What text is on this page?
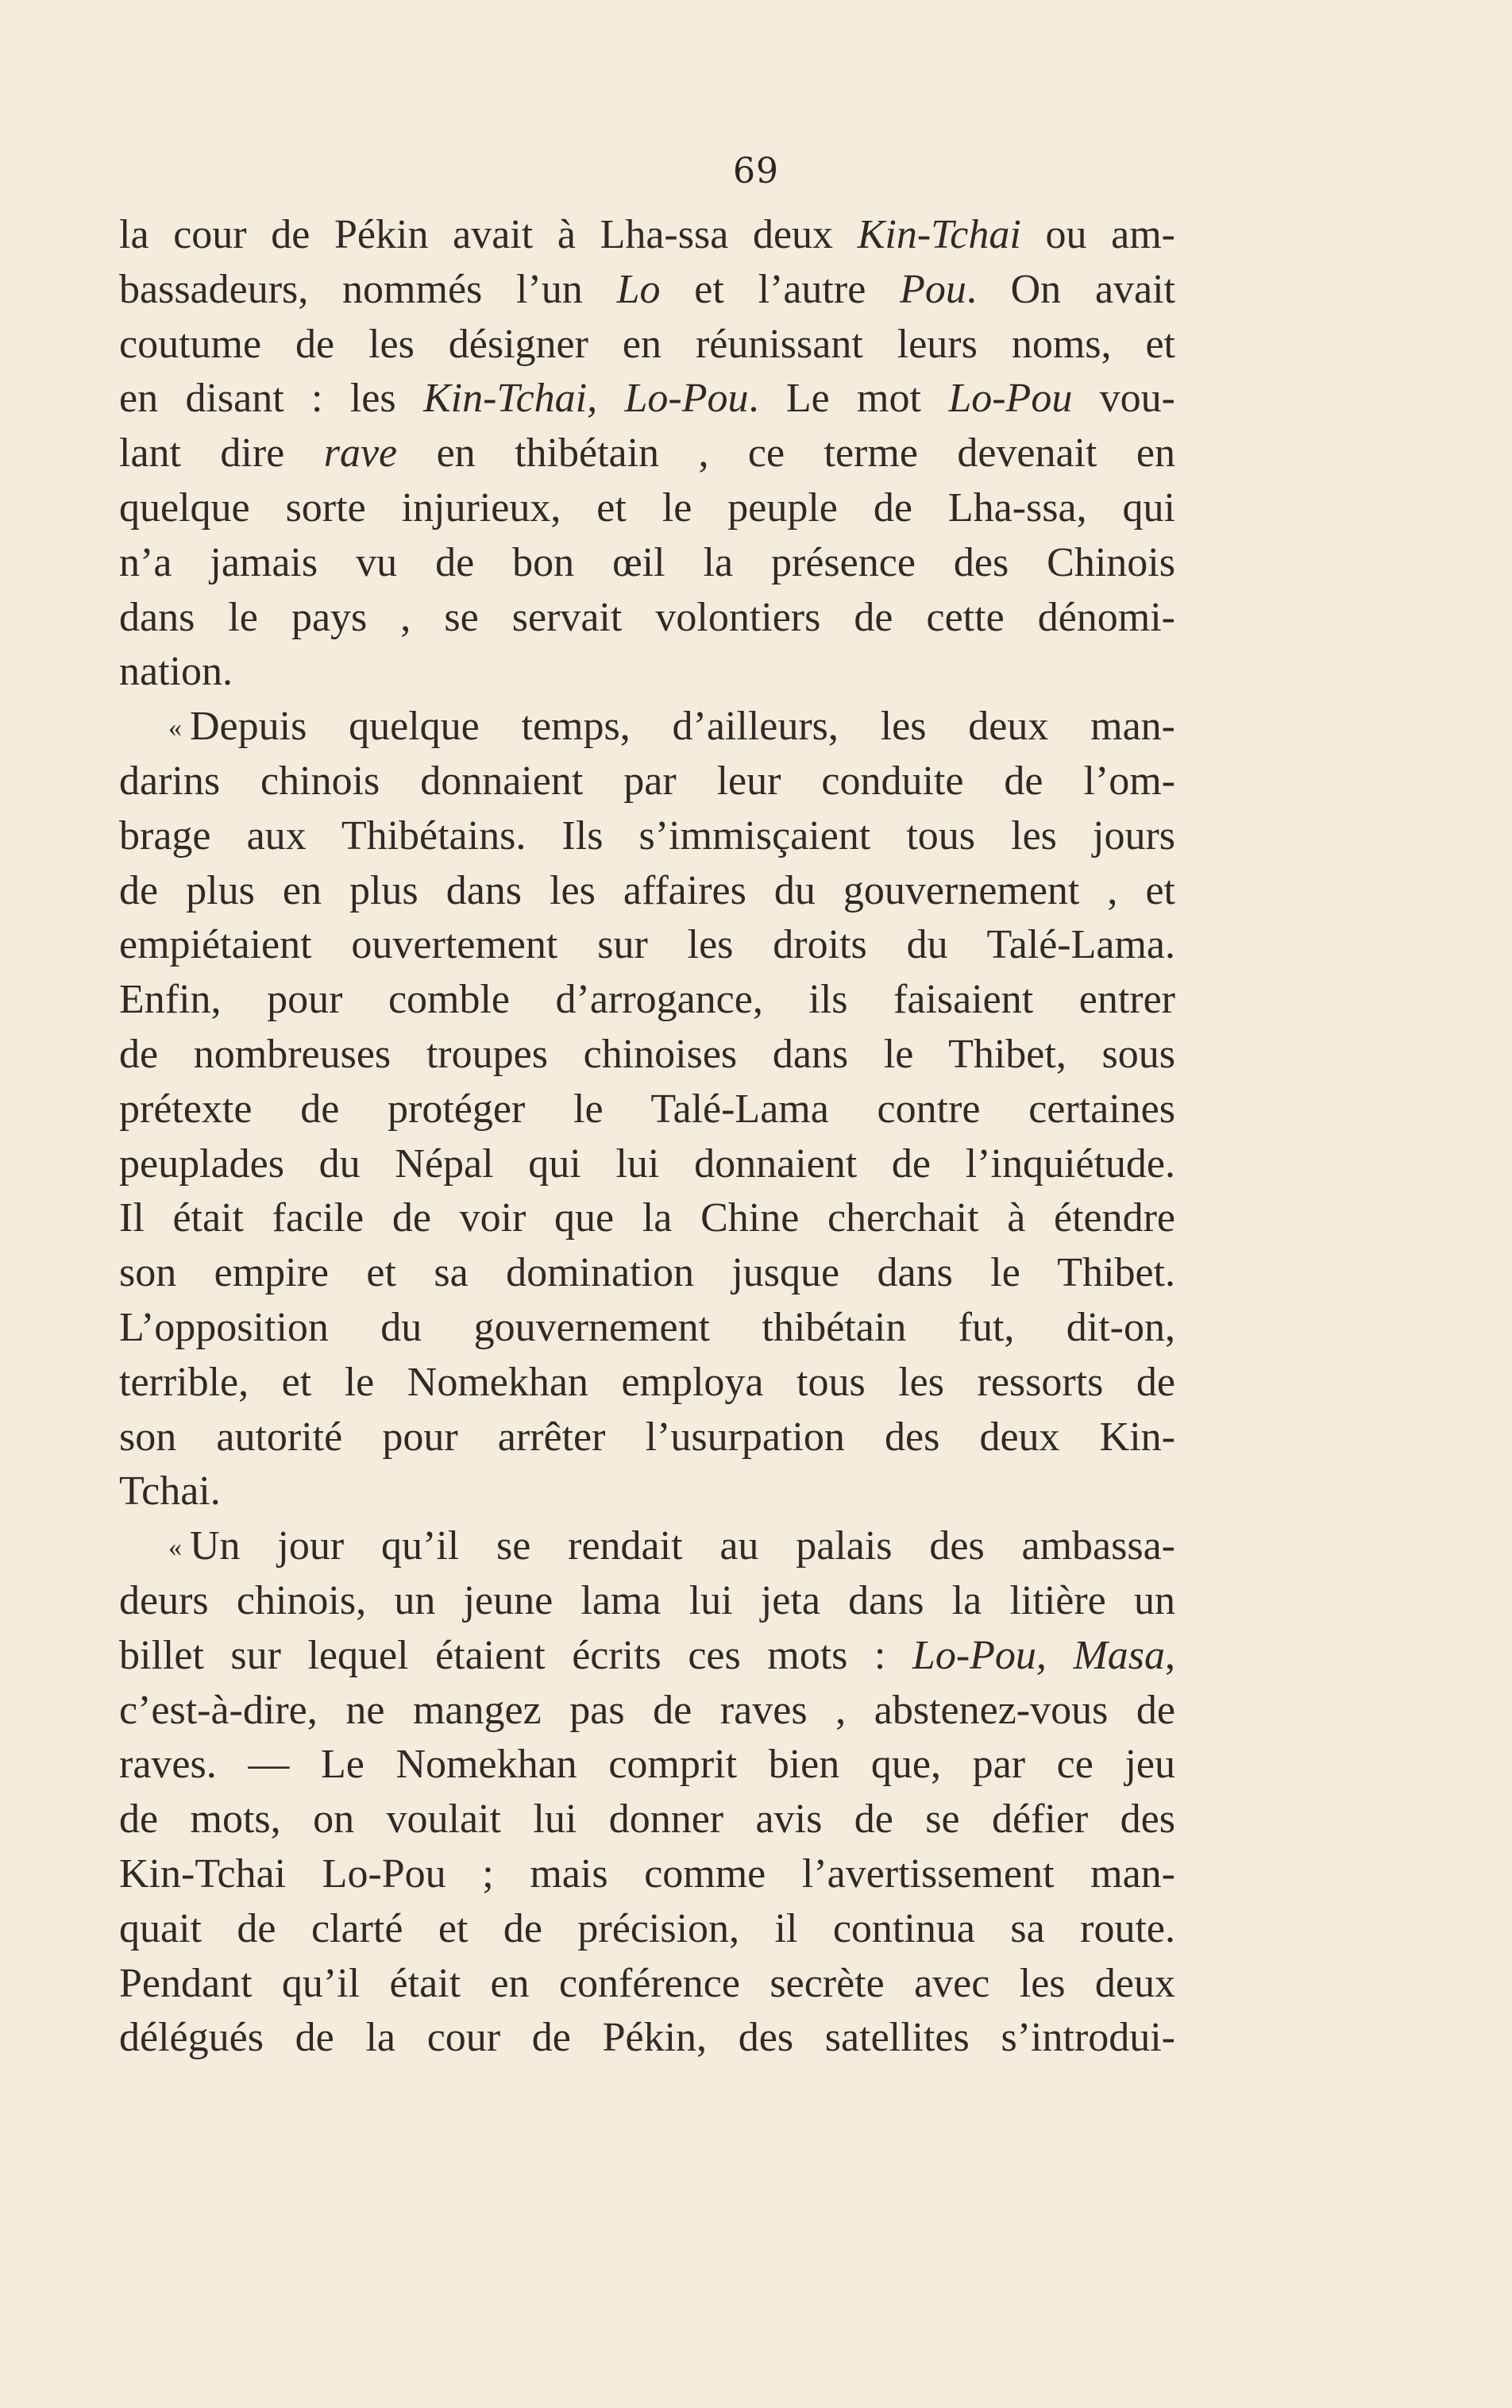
69
la cour de Pékin avait à Lha-ssa deux Kin-Tchai ou am-
bassadeurs, nommés l’un Lo et l’autre Pou. On avait
coutume de les désigner en réunissant leurs noms, et
en disant : les Kin-Tchai, Lo-Pou. Le mot Lo-Pou vou-
lant dire rave en thibétain , ce terme devenait en
quelque sorte injurieux, et le peuple de Lha-ssa, qui
n’a jamais vu de bon œil la présence des Chinois
dans le pays , se servait volontiers de cette dénomi-
nation.
« Depuis quelque temps, d’ailleurs, les deux man-
darins chinois donnaient par leur conduite de l’om-
brage aux Thibétains. Ils s’immisçaient tous les jours
de plus en plus dans les affaires du gouvernement , et
empiétaient ouvertement sur les droits du Talé-Lama.
Enfin, pour comble d’arrogance, ils faisaient entrer
de nombreuses troupes chinoises dans le Thibet, sous
prétexte de protéger le Talé-Lama contre certaines
peuplades du Népal qui lui donnaient de l’inquiétude.
Il était facile de voir que la Chine cherchait à étendre
son empire et sa domination jusque dans le Thibet.
L’opposition du gouvernement thibétain fut, dit-on,
terrible, et le Nomekhan employa tous les ressorts de
son autorité pour arrêter l’usurpation des deux Kin-
Tchai.
« Un jour qu’il se rendait au palais des ambassa-
deurs chinois, un jeune lama lui jeta dans la litière un
billet sur lequel étaient écrits ces mots : Lo-Pou, Masa,
c’est-à-dire, ne mangez pas de raves , abstenez-vous de
raves. — Le Nomekhan comprit bien que, par ce jeu
de mots, on voulait lui donner avis de se défier des
Kin-Tchai Lo-Pou ; mais comme l’avertissement man-
quait de clarté et de précision, il continua sa route.
Pendant qu’il était en conférence secrète avec les deux
délégués de la cour de Pékin, des satellites s’introdui-
